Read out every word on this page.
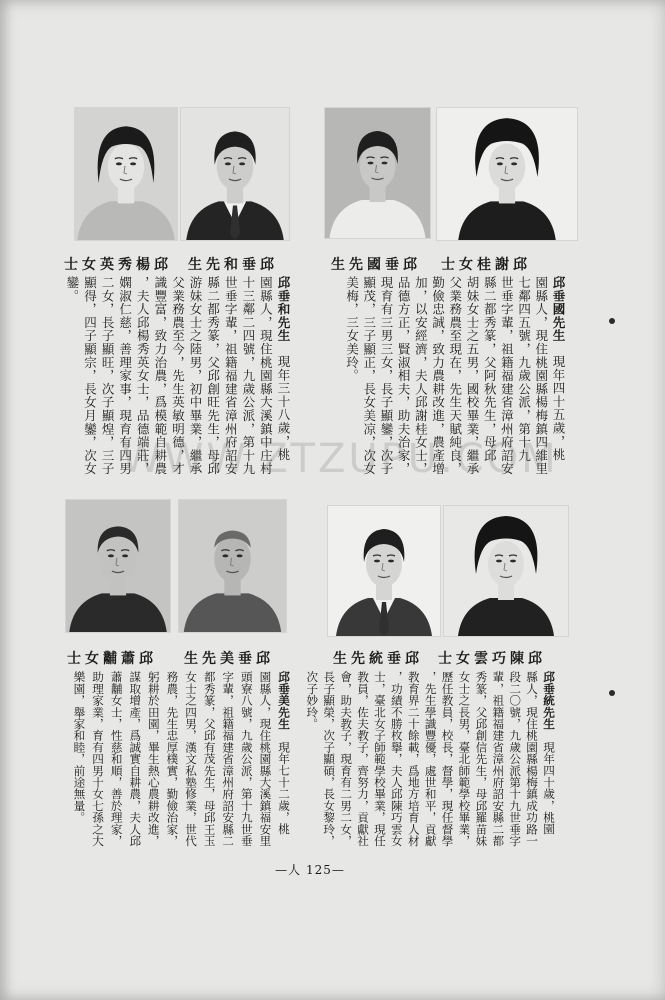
邱楊秀英女士	邱垂和先生	邱垂國先生	邱謝桂女士
邱垂國先生現年四十五歲，桃
園縣人，現住桃園縣楊梅鎮四維里
七鄰四五號，九歲公派，第十九
世垂字輩，祖籍福建省漳州府詔安
縣二都秀篆，父阿秋先生，母邱
胡妹女士之五男，國校畢業，繼承
父業務農至現在，先生天賦純良，
勤儉忠誠，致力農耕改進，農產增
加，以安經濟，夫人邱謝桂女士，
品德方正，賢淑相夫，助夫治家，
現育有三男三女，長子顯鑾，次子
顯茂，三子顯正，長女美凉，次女
美梅，三女美玲。
邱垂和先生現年三十八歲，桃
園縣人，現住桃園縣大溪鎮中庄村
十三鄰二四號，九歲公派，第十九
世垂字輩，祖籍福建省漳州府詔安
縣二都秀篆，父邱創旺先生，母邱
游妹女士之陸男，初中畢業，繼承
父業務農至今，先生英敏明德，才
識豐富，致力治農，爲模範自耕農
，夫人邱楊秀英女士，品德端莊，
嫻淑仁慈，善理家事，現育有四男
二女，長子顯旺，次子顯煌，三子
顯得，四子顯宗，長女月鑾，次女
鑾。
邱蕭黼女士	邱垂美先生	邱垂統先生	邱陳巧雲女士
邱垂統先生現年四十歲，桃園
縣人，現住桃園縣楊梅鎮成功路一
段二〇號，九歲公派第十九世垂字
輩，祖籍福建省漳州府詔安縣二都
秀篆，父邱創信先生，母邱羅苗妹
女士之長男，臺北師範學校畢業，
歷任教員，校長，督學，現任督學
，先生學識豐優，處世和平，貢獻
教育界二十餘載，爲地方培育人材
，功績不勝枚擧，夫人邱陳巧雲女
士，臺北女子師範學校畢業，現任
教員，佐夫教子，齊努力，貢獻社
會，助夫教子，現育有二男二女，
長子顯榮，次子顯碩，長女黎玲，
次子妙玲。
邱垂美先生現年七十二歲，桃
園縣人，現住桃園縣大溪鎮福安里
頭寮八號，九歲公派，第十九世垂
字輩，祖籍福建省漳州府詔安縣二
都秀篆，父邱有茂先生，母邱王玉
女士之四男，漢文私塾修業，世代
務農，先生忠厚樸實，勤儉治家，
躬耕於田園，畢生熱心農耕改進，
謀取增產，爲誠實自耕農，夫人邱
蕭黼女士，性慈和順，善於理家，
助理家業，育有四男十女七孫之大
樂園，舉家和睦，前途無量。
—人 125—
WWW.ZTZUPU.COM
